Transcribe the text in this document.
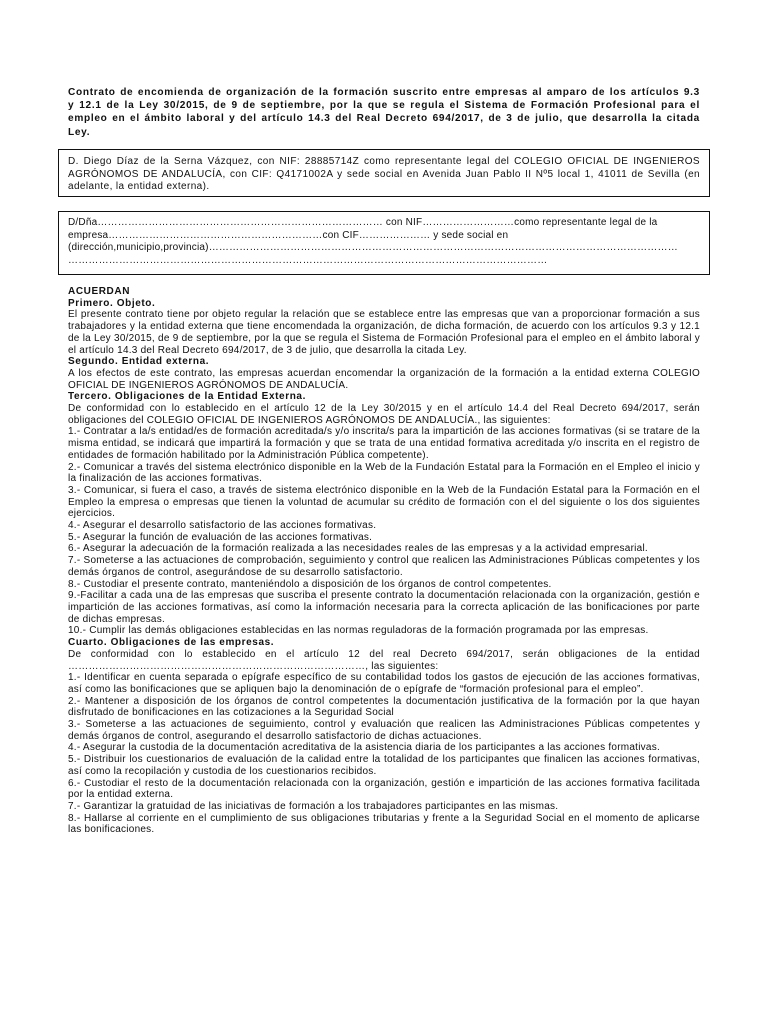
Contrato de encomienda de organización de la formación suscrito entre empresas al amparo de los artículos 9.3 y 12.1 de la Ley 30/2015, de 9 de septiembre, por la que se regula el Sistema de Formación Profesional para el empleo en el ámbito laboral y del artículo 14.3 del Real Decreto 694/2017, de 3 de julio, que desarrolla la citada Ley.
D. Diego Díaz de la Serna Vázquez, con NIF: 28885714Z como representante legal del COLEGIO OFICIAL DE INGENIEROS AGRÓNOMOS DE ANDALUCÍA, con CIF: Q4171002A y sede social en Avenida Juan Pablo II Nº5 local 1, 41011 de Sevilla (en adelante, la entidad externa).
D/Dña………………………………………………………………………… con NIF………………………como representante legal de la
empresa………………………………………………………con CIF………………… y sede social en
(dirección,municipio,provincia)…………………………………………………………………………………………………………………………
……………………………………………………………………………………………………………………………

ACUERDAN

Primero. Objeto.

El presente contrato tiene por objeto regular la relación que se establece entre las empresas que van a proporcionar formación a sus trabajadores y la entidad externa que tiene encomendada la organización, de dicha formación, de acuerdo con los artículos 9.3 y 12.1 de la Ley 30/2015, de 9 de septiembre, por la que se regula el Sistema de Formación Profesional para el empleo en el ámbito laboral y el artículo 14.3 del Real Decreto 694/2017, de 3 de julio, que desarrolla la citada Ley.

Segundo. Entidad externa.

A los efectos de este contrato, las empresas acuerdan encomendar la organización de la formación a la entidad externa COLEGIO OFICIAL DE INGENIEROS AGRÓNOMOS DE ANDALUCÍA.

Tercero. Obligaciones de la Entidad Externa.

De conformidad con lo establecido en el artículo 12 de la Ley 30/2015 y en el artículo 14.4 del Real Decreto 694/2017, serán obligaciones del COLEGIO OFICIAL DE INGENIEROS AGRÓNOMOS DE ANDALUCÍA., las siguientes:

1.- Contratar a la/s entidad/es de formación acreditada/s y/o inscrita/s para la impartición de las acciones formativas (si se tratare de la misma entidad, se indicará que impartirá la formación y que se trata de una entidad formativa acreditada y/o inscrita en el registro de entidades de formación habilitado por la Administración Pública competente).

2.- Comunicar a través del sistema electrónico disponible en la Web de la Fundación Estatal para la Formación en el Empleo el inicio y la finalización de las acciones formativas.

3.- Comunicar, si fuera el caso, a través de sistema electrónico disponible en la Web de la Fundación Estatal para la Formación en el Empleo la empresa o empresas que tienen la voluntad de acumular su crédito de formación con el del siguiente o los dos siguientes ejercicios.

4.- Asegurar el desarrollo satisfactorio de las acciones formativas.

5.- Asegurar la función de evaluación de las acciones formativas.

6.- Asegurar la adecuación de la formación realizada a las necesidades reales de las empresas y a la actividad empresarial.

7.- Someterse a las actuaciones de comprobación, seguimiento y control que realicen las Administraciones Públicas competentes y los demás órganos de control, asegurándose de su desarrollo satisfactorio.

8.- Custodiar el presente contrato, manteniéndolo a disposición de los órganos de control competentes.

9.-Facilitar a cada una de las empresas que suscriba el presente contrato la documentación relacionada con la organización, gestión e impartición de las acciones formativas, así como la información necesaria para la correcta aplicación de las bonificaciones por parte de dichas empresas.

10.- Cumplir las demás obligaciones establecidas en las normas reguladoras de la formación programada por las empresas.

Cuarto. Obligaciones de las empresas.

De conformidad con lo establecido en el artículo 12 del real Decreto 694/2017, serán obligaciones de la entidad ……………………………………………………………………………, las siguientes:

1.- Identificar en cuenta separada o epígrafe específico de su contabilidad todos los gastos de ejecución de las acciones formativas, así como las bonificaciones que se apliquen bajo la denominación de o epígrafe de “formación profesional para el empleo”.

2.- Mantener a disposición de los órganos de control competentes la documentación justificativa de la formación por la que hayan disfrutado de bonificaciones en las cotizaciones a la Seguridad Social

3.- Someterse a las actuaciones de seguimiento, control y evaluación que realicen las Administraciones Públicas competentes y demás órganos de control, asegurando el desarrollo satisfactorio de dichas actuaciones.

4.- Asegurar la custodia de la documentación acreditativa de la asistencia diaria de los participantes a las acciones formativas.

5.- Distribuir los cuestionarios de evaluación de la calidad entre la totalidad de los participantes que finalicen las acciones formativas, así como la recopilación y custodia de los cuestionarios recibidos.

6.- Custodiar el resto de la documentación relacionada con la organización, gestión e impartición de las acciones formativa facilitada por la entidad externa.

7.- Garantizar la gratuidad de las iniciativas de formación a los trabajadores participantes en las mismas.

8.- Hallarse al corriente en el cumplimiento de sus obligaciones tributarias y frente a la Seguridad Social en el momento de aplicarse las bonificaciones.
